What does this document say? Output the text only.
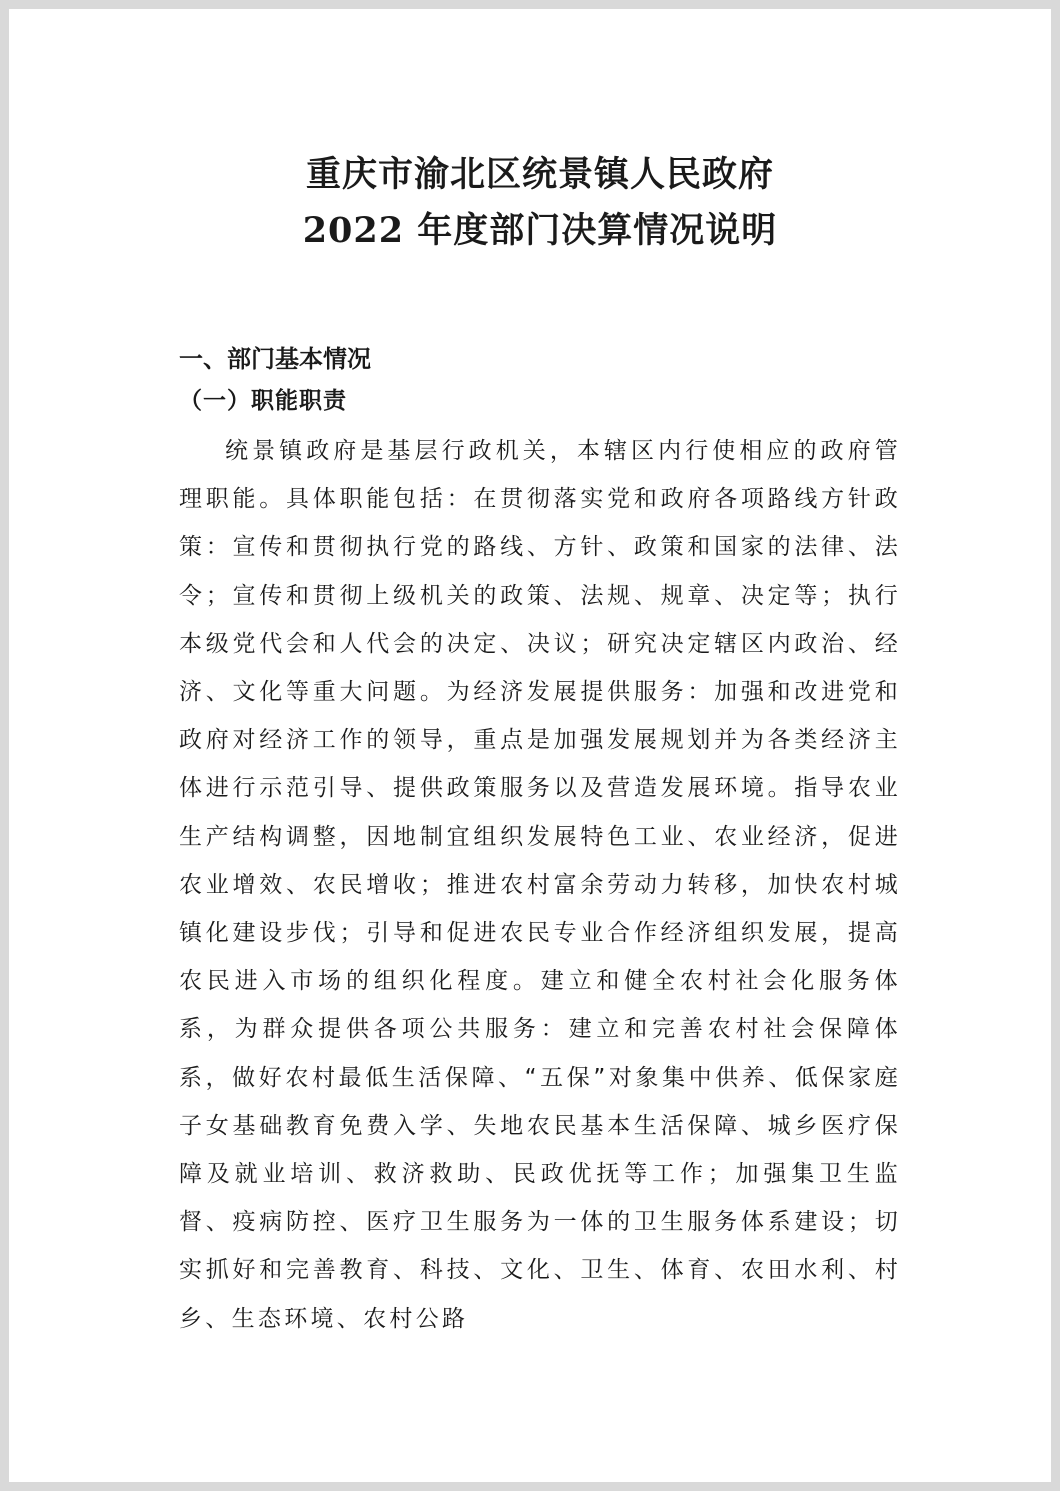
重庆市渝北区统景镇人民政府
2022 年度部门决算情况说明
一、部门基本情况
（一）职能职责

统景镇政府是基层行政机关，本辖区内行使相应的政府管理职能。具体职能包括：在贯彻落实党和政府各项路线方针政策：宣传和贯彻执行党的路线、方针、政策和国家的法律、法令；宣传和贯彻上级机关的政策、法规、规章、决定等；执行本级党代会和人代会的决定、决议；研究决定辖区内政治、经济、文化等重大问题。为经济发展提供服务：加强和改进党和政府对经济工作的领导，重点是加强发展规划并为各类经济主体进行示范引导、提供政策服务以及营造发展环境。指导农业生产结构调整，因地制宜组织发展特色工业、农业经济，促进农业增效、农民增收；推进农村富余劳动力转移，加快农村城镇化建设步伐；引导和促进农民专业合作经济组织发展，提高农民进入市场的组织化程度。建立和健全农村社会化服务体系，为群众提供各项公共服务：建立和完善农村社会保障体系，做好农村最低生活保障、“五保”对象集中供养、低保家庭子女基础教育免费入学、失地农民基本生活保障、城乡医疗保障及就业培训、救济救助、民政优抚等工作；加强集卫生监督、疫病防控、医疗卫生服务为一体的卫生服务体系建设；切实抓好和完善教育、科技、文化、卫生、体育、农田水利、村乡、生态环境、农村公路
